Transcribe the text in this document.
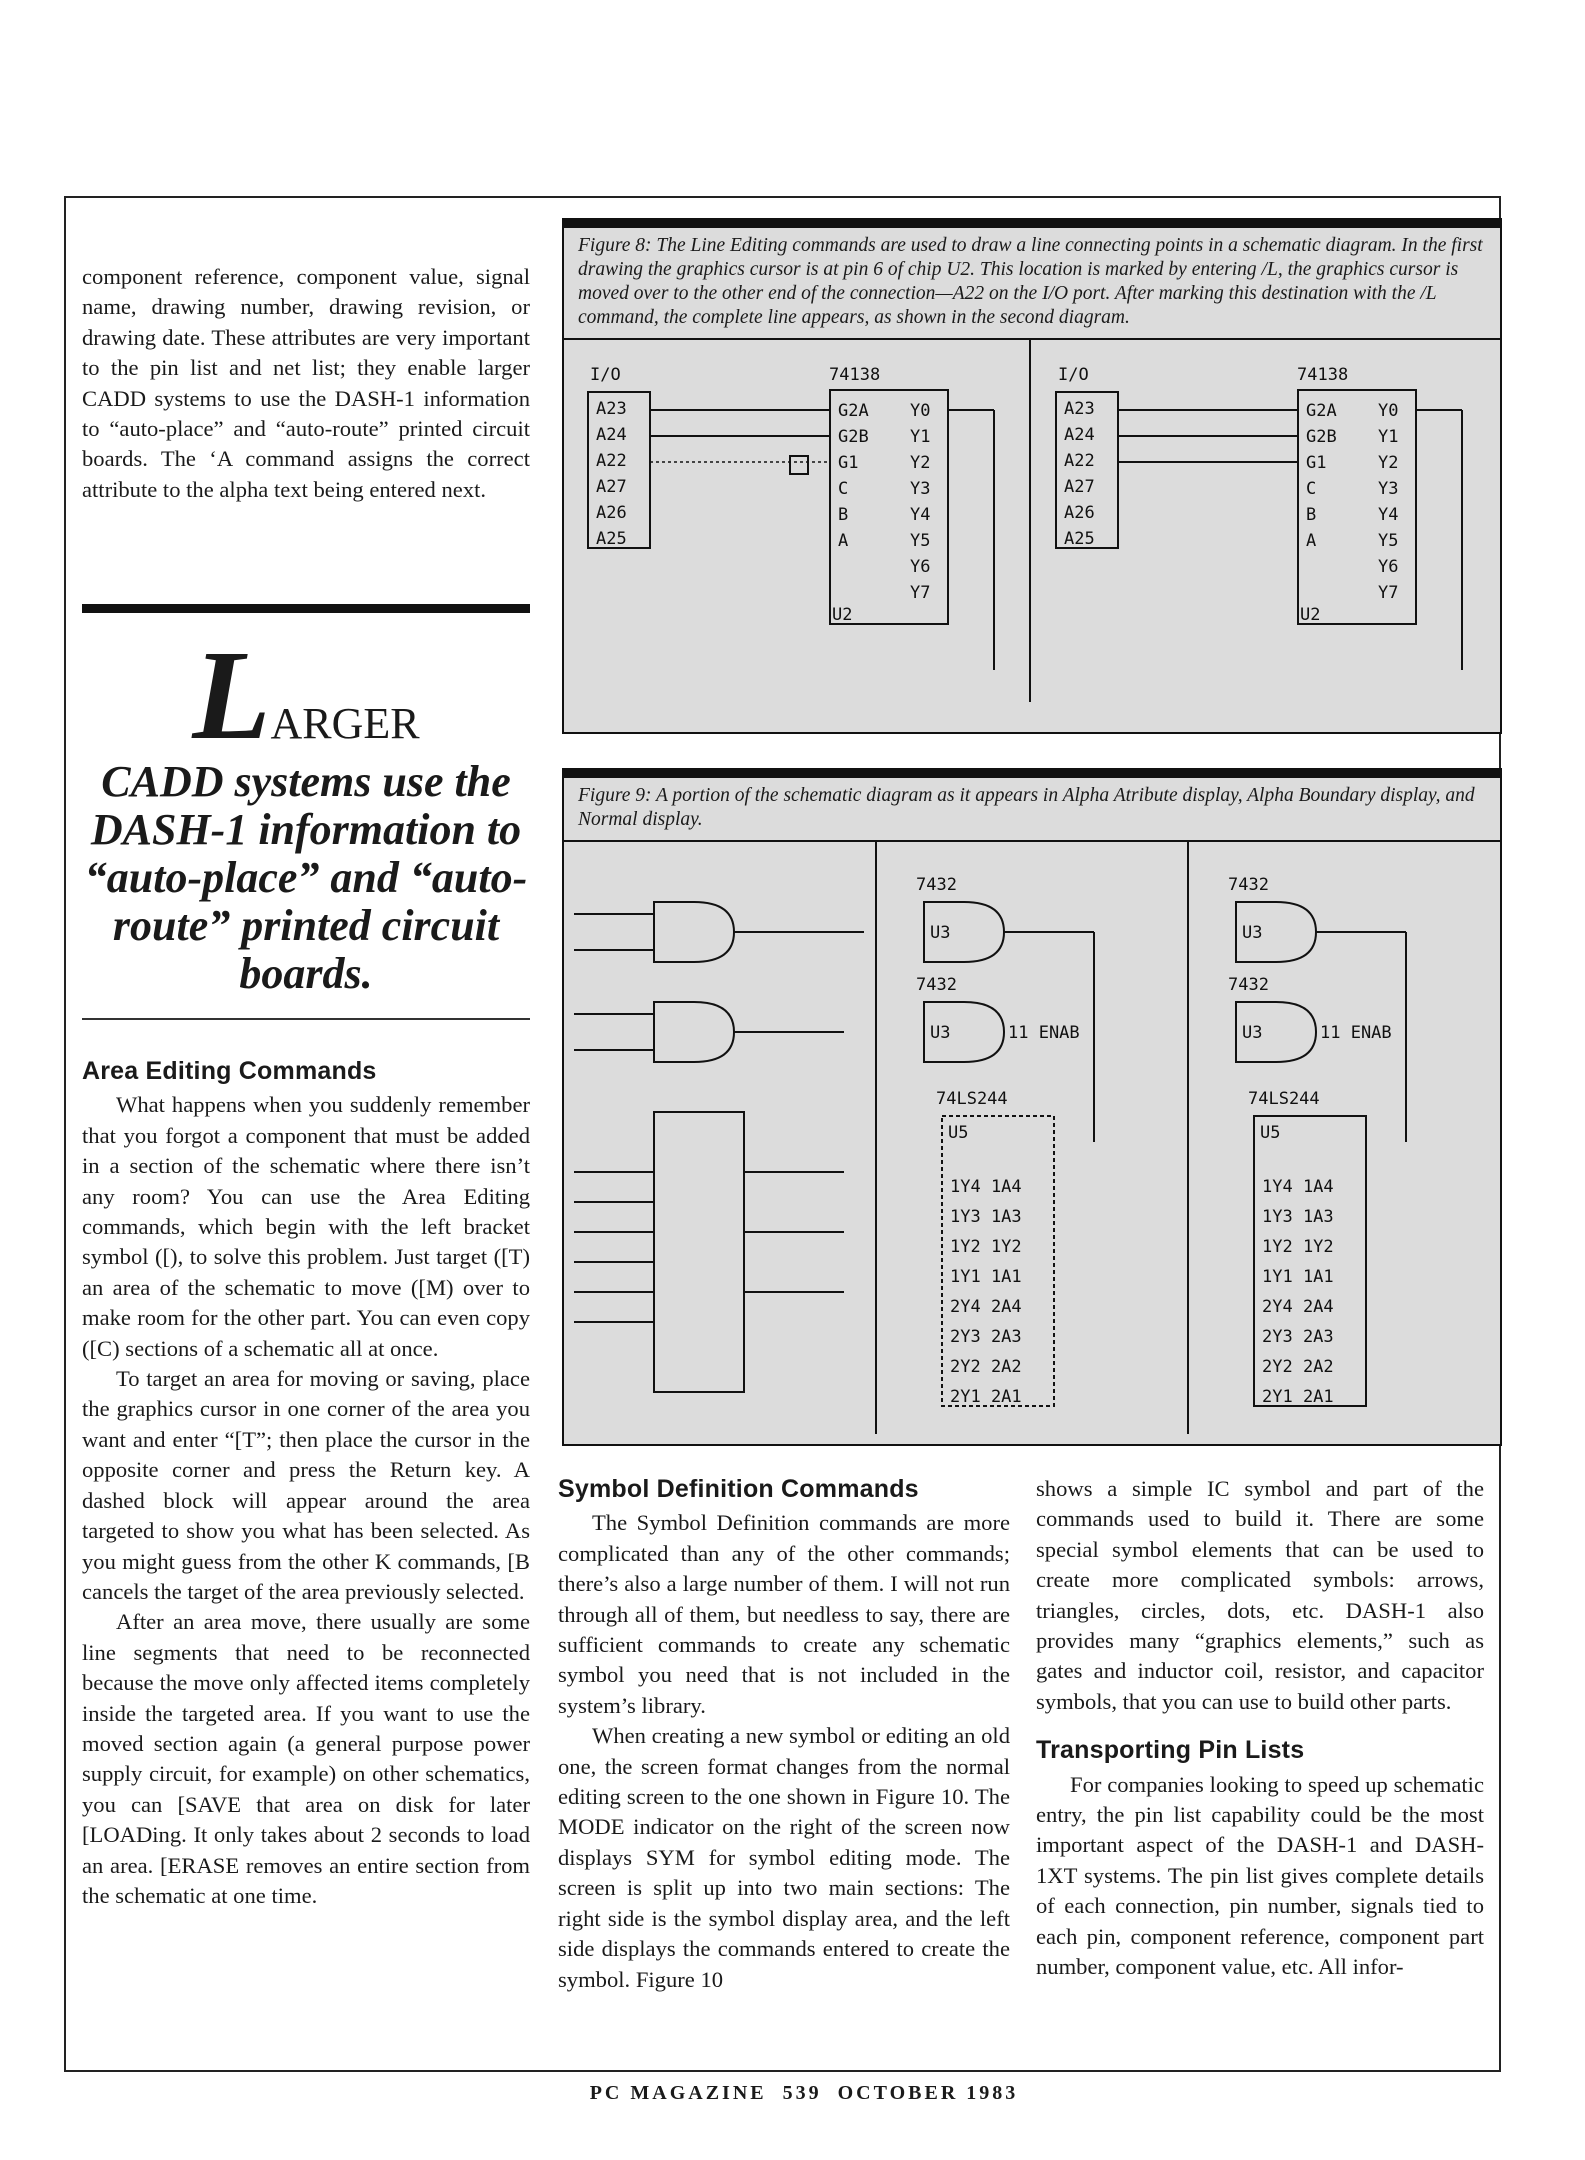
component reference, component value, signal name, drawing number, drawing revision, or drawing date. These attributes are very important to the pin list and net list; they enable larger CADD systems to use the DASH-1 information to “auto-place” and “auto-route” printed circuit boards. The ‘A command assigns the correct attribute to the alpha text being entered next.

LARGER
CADD systems use the DASH-1 information to “auto-place” and “auto-route” printed circuit boards.
Area Editing Commands

What happens when you suddenly remember that you forgot a component that must be added in a section of the schematic where there isn’t any room? You can use the Area Editing commands, which begin with the left bracket symbol ([), to solve this problem. Just target ([T) an area of the schematic to move ([M) over to make room for the other part. You can even copy ([C) sections of a schematic all at once.

To target an area for moving or saving, place the graphics cursor in one corner of the area you want and enter “[T”; then place the cursor in the opposite corner and press the Return key. A dashed block will appear around the area targeted to show you what has been selected. As you might guess from the other K commands, [B cancels the target of the area previously selected.

After an area move, there usually are some line segments that need to be reconnected because the move only affected items completely inside the targeted area. If you want to use the moved section again (a general purpose power supply circuit, for example) on other schematics, you can [SAVE that area on disk for later [LOADing. It only takes about 2 seconds to load an area. [ERASE removes an entire section from the schematic at one time.

Figure 8: The Line Editing commands are used to draw a line connecting points in a schematic diagram. In the first drawing the graphics cursor is at pin 6 of chip U2. This location is marked by entering /L, the graphics cursor is moved over to the other end of the connection—A22 on the I/O port. After marking this destination with the /L command, the complete line appears, as shown in the second diagram.
I/O
A23
A24
A22
A27
A26
A25
74138
G2A
G2B
G1
C
B
A
Y0
Y1
Y2
Y3
Y4
Y5
Y6
Y7
U2
I/O
A23
A24
A22
A27
A26
A25
74138
G2A
G2B
G1
C
B
A
Y0
Y1
Y2
Y3
Y4
Y5
Y6
Y7
U2
Figure 9: A portion of the schematic diagram as it appears in Alpha Atribute display, Alpha Boundary display, and Normal display.
7432
U3
7432
U3	11 ENAB
74LS244
U5
1Y4 1A4
1Y3 1A3
1Y2 1Y2
1Y1 1A1
2Y4 2A4
2Y3 2A3
2Y2 2A2
2Y1 2A1
7432
U3
7432
U3	11 ENAB
74LS244
U5
1Y4 1A4
1Y3 1A3
1Y2 1Y2
1Y1 1A1
2Y4 2A4
2Y3 2A3
2Y2 2A2
2Y1 2A1
Symbol Definition Commands

The Symbol Definition commands are more complicated than any of the other commands; there’s also a large number of them. I will not run through all of them, but needless to say, there are sufficient commands to create any schematic symbol you need that is not included in the system’s library.

When creating a new symbol or editing an old one, the screen format changes from the normal editing screen to the one shown in Figure 10. The MODE indicator on the right of the screen now displays SYM for symbol editing mode. The screen is split up into two main sections: The right side is the symbol display area, and the left side displays the commands entered to create the symbol. Figure 10

shows a simple IC symbol and part of the commands used to build it. There are some special symbol elements that can be used to create more complicated symbols: arrows, triangles, circles, dots, etc. DASH-1 also provides many “graphics elements,” such as gates and inductor coil, resistor, and capacitor symbols, that you can use to build other parts.

Transporting Pin Lists

For companies looking to speed up schematic entry, the pin list capability could be the most important aspect of the DASH-1 and DASH-1XT systems. The pin list gives complete details of each connection, pin number, signals tied to each pin, component reference, component part number, component value, etc. All infor-

PC MAGAZINE 539 OCTOBER 1983
